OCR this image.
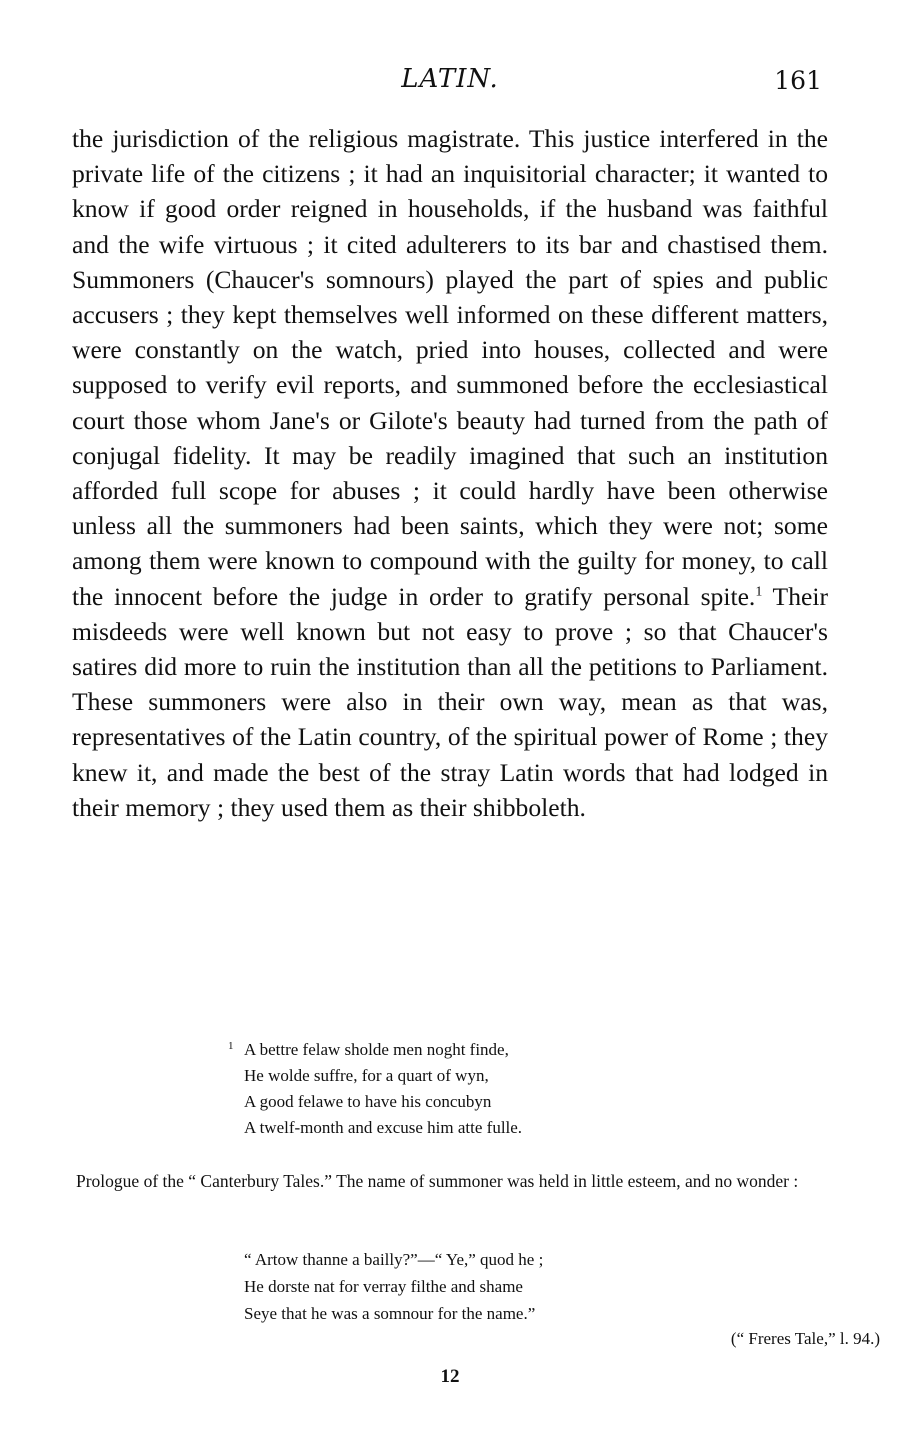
LATIN.	161

the jurisdiction of the religious magistrate. This justice interfered in the private life of the citizens ; it had an inquisitorial character; it wanted to know if good order reigned in households, if the husband was faithful and the wife virtuous ; it cited adulterers to its bar and chastised them. Summoners (Chaucer's somnours) played the part of spies and public accusers ; they kept themselves well informed on these different matters, were constantly on the watch, pried into houses, collected and were supposed to verify evil reports, and summoned before the ecclesiastical court those whom Jane's or Gilote's beauty had turned from the path of conjugal fidelity. It may be readily imagined that such an institution afforded full scope for abuses ; it could hardly have been otherwise unless all the summoners had been saints, which they were not; some among them were known to compound with the guilty for money, to call the innocent before the judge in order to gratify personal spite.$^1$ Their misdeeds were well known but not easy to prove ; so that Chaucer's satires did more to ruin the institution than all the petitions to Parliament. These summoners were also in their own way, mean as that was, representatives of the Latin country, of the spiritual power of Rome ; they knew it, and made the best of the stray Latin words that had lodged in their memory ; they used them as their shibboleth.

1 A bettre felaw sholde men noght finde,
He wolde suffre, for a quart of wyn,
A good felawe to have his concubyn
A twelf-month and excuse him atte fulle.

Prologue of the “ Canterbury Tales.” The name of summoner was held in little esteem, and no wonder :

“ Artow thanne a bailly?”—“ Ye,” quod he ;
He dorste nat for verray filthe and shame
Seye that he was a somnour for the name.”
(“ Freres Tale,” l. 94.)
12
